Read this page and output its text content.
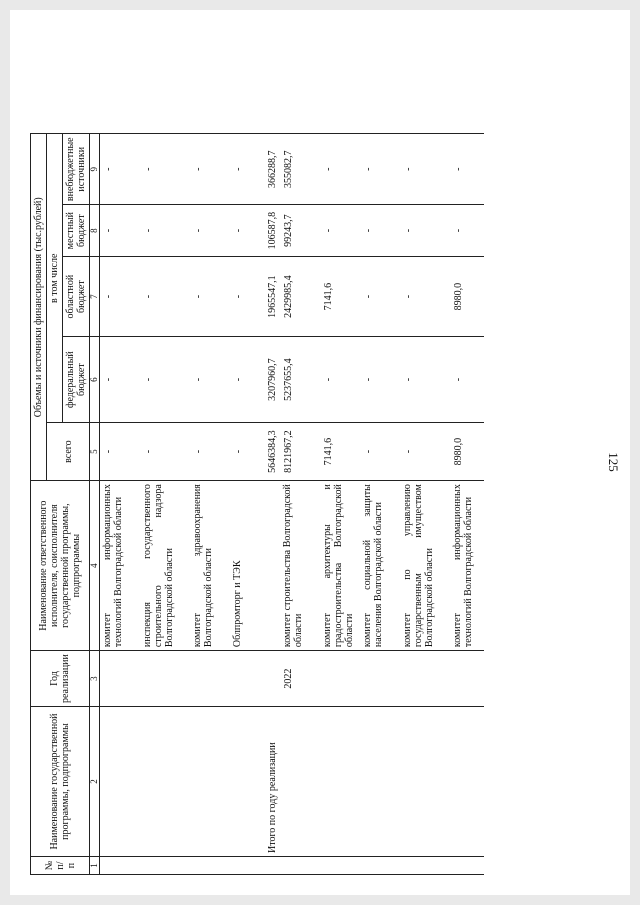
125
№
п/п	Наименование государственной программы, подпрограммы	Год реализации	Наименование ответственного исполнителя, соисполнителя государственной программы, подпрограммы	Объемы и источники финансирования (тыс.рублей)				
				всего	в том числе			
					федеральный бюджет	областной бюджет	местный бюджет	внебюджетные источники
1	2	3	4	5	6	7	8	9
			комитет информационных технологий Волгоградской области	-	-	-	-	-
			инспекция государственного строительного надзора Волгоградской области	-	-	-	-	-
			комитет здравоохранения Волгоградской области	-	-	-	-	-
			Облпромторг и ТЭК	-	-	-	-	-
	Итого по году реализации			5646384,3	3207960,7	1965547,1	106587,8	366288,7
		2022	комитет строительства Волгоградской области	8121967,2	5237655,4	2429985,4	99243,7	355082,7
			комитет архитектуры и градостроительства Волгоградской области	7141,6	-	7141,6	-	-
			комитет социальной защиты населения Волгоградской области	-	-	-	-	-
			комитет по управлению государственным имуществом Волгоградской области	-	-	-	-	-
			комитет информационных технологий Волгоградской области	8980,0	-	8980,0	-	-
